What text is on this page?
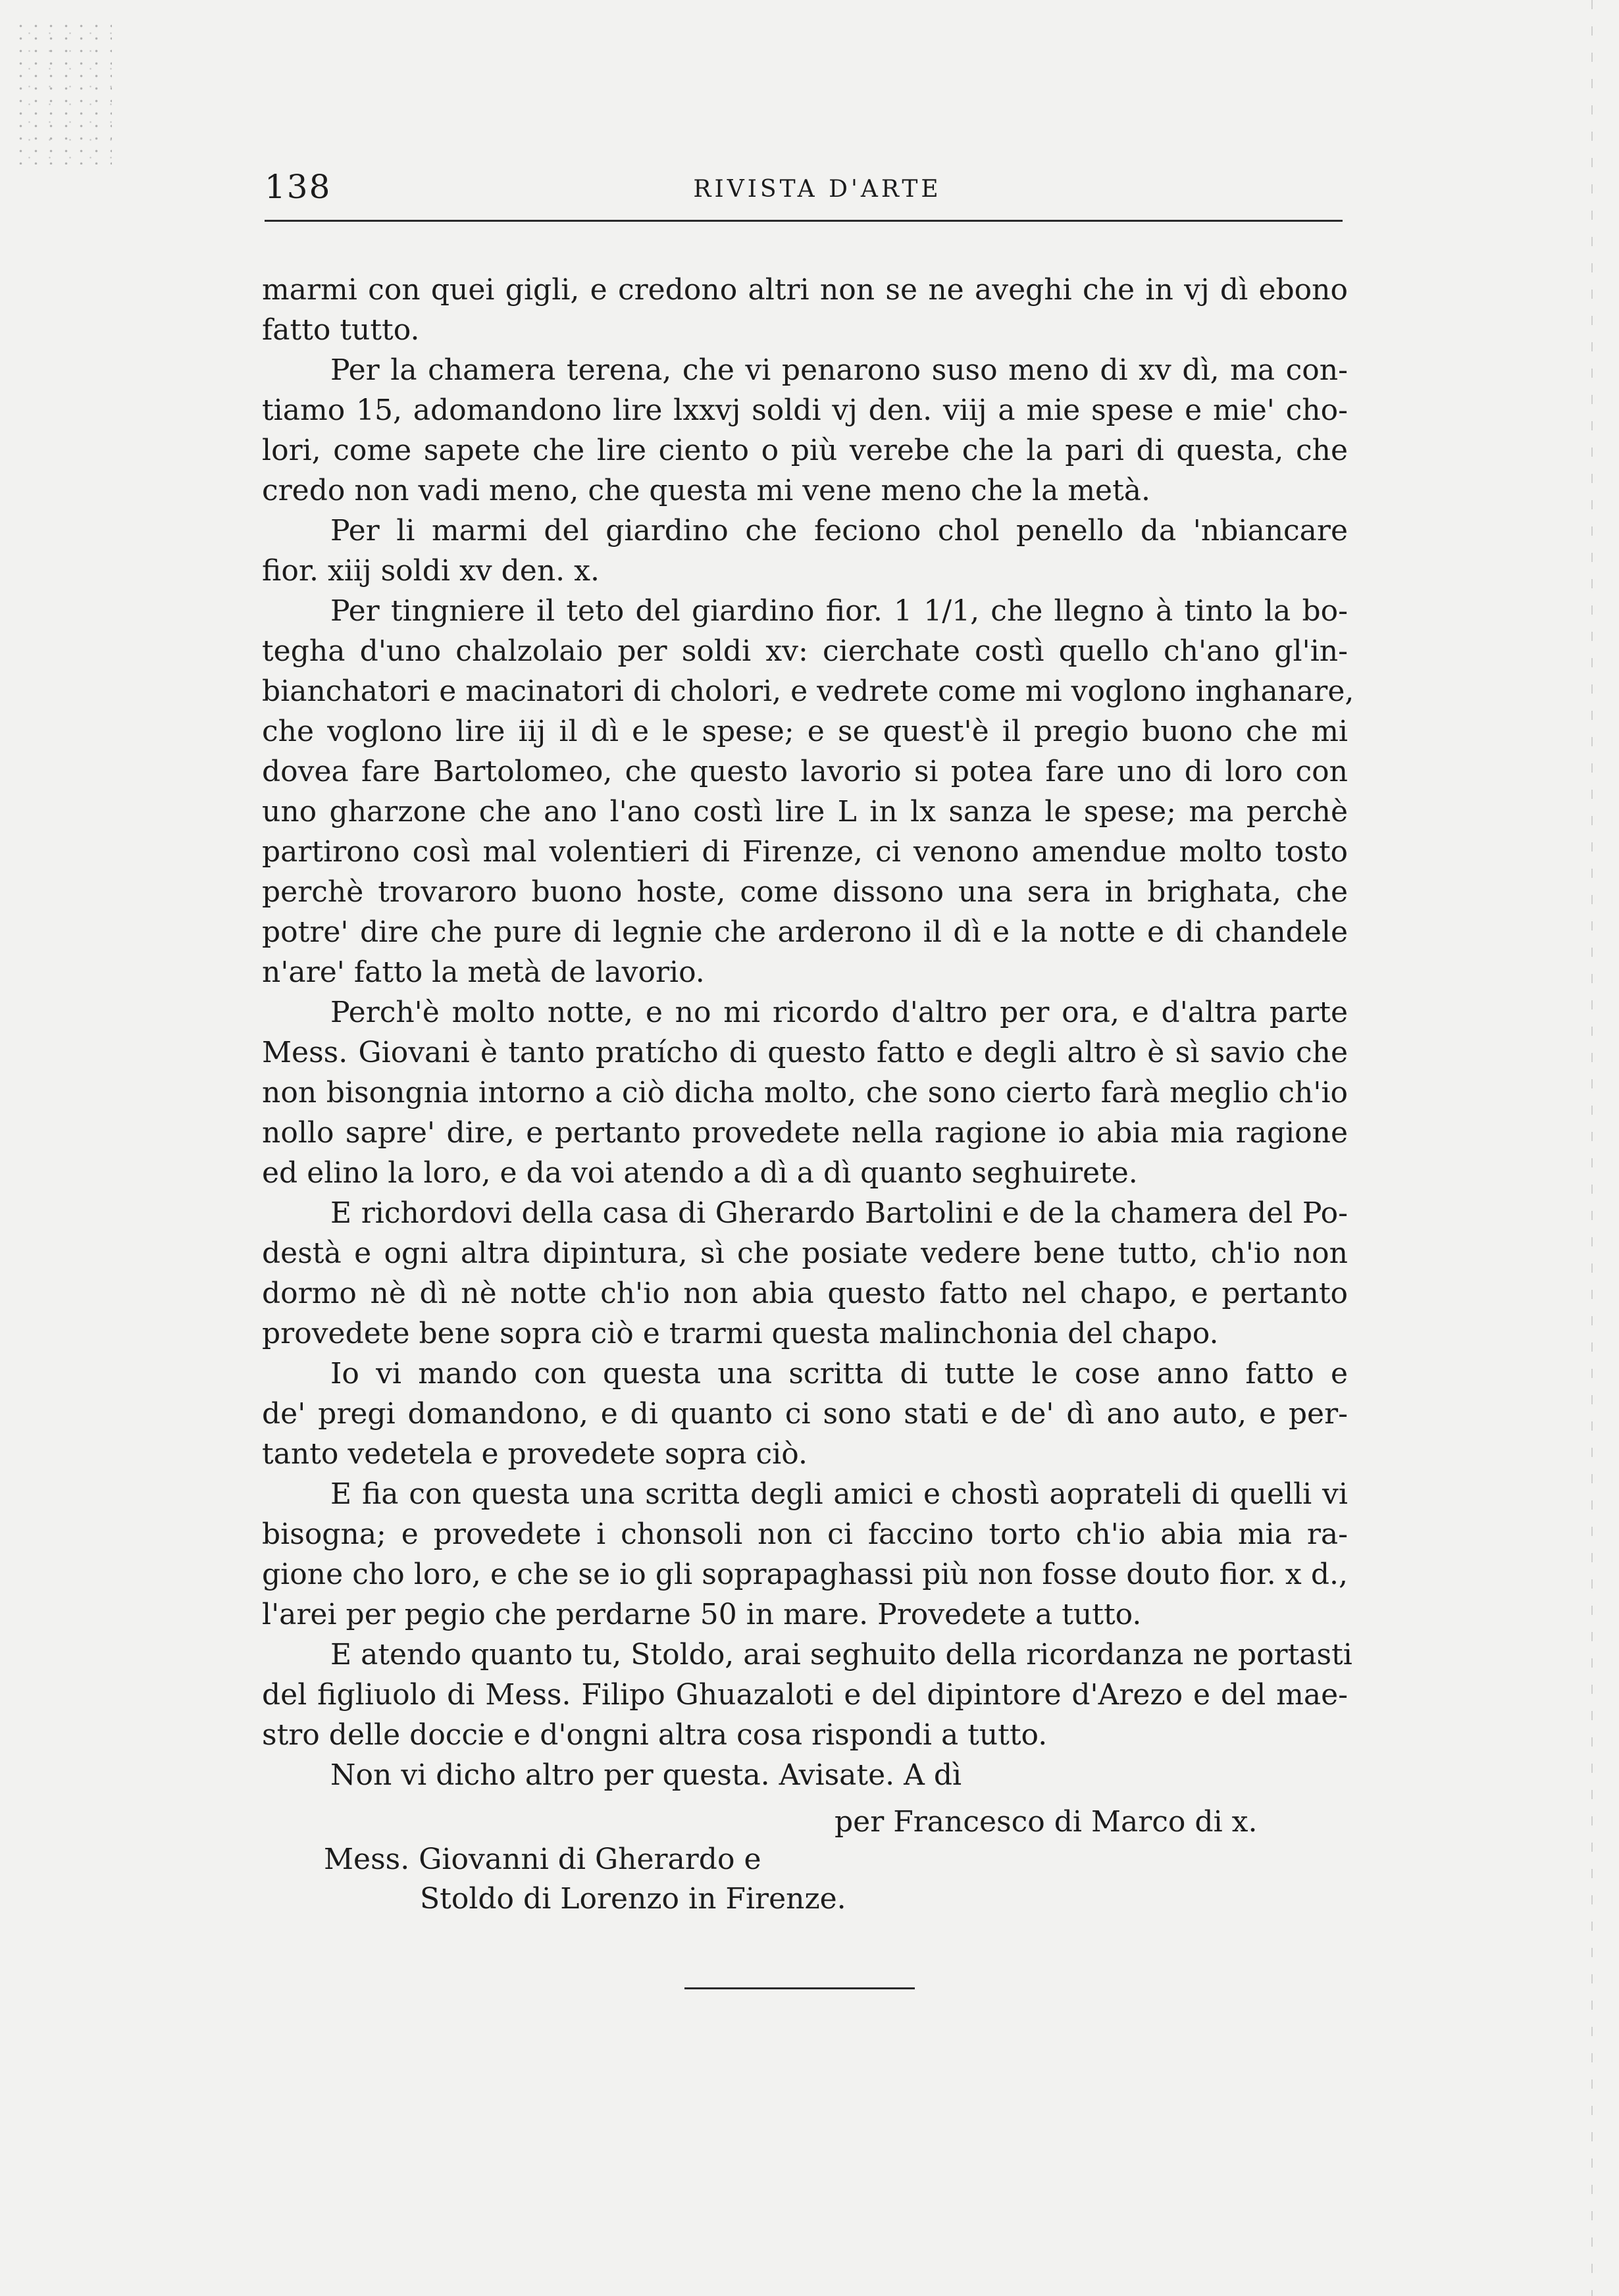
138	RIVISTA D'ARTE
marmi con quei gigli, e credono altri non se ne aveghi che in vj dì ebono
fatto tutto.
Per la chamera terena, che vi penarono suso meno di xv dì, ma con-
tiamo 15, adomandono lire lxxvj soldi vj den. viij a mie spese e mie' cho-
lori, come sapete che lire ciento o più verebe che la pari di questa, che
credo non vadi meno, che questa mi vene meno che la metà.
Per li marmi del giardino che feciono chol penello da 'nbiancare
fior. xiij soldi xv den. x.
Per tingniere il teto del giardino fior. 1 1/1, che llegno à tinto la bo-
tegha d'uno chalzolaio per soldi xv: cierchate costì quello ch'ano gl'in-
bianchatori e macinatori di cholori, e vedrete come mi voglono inghanare,
che voglono lire iij il dì e le spese; e se quest'è il pregio buono che mi
dovea fare Bartolomeo, che questo lavorio si potea fare uno di loro con
uno gharzone che ano l'ano costì lire L in lx sanza le spese; ma perchè
partirono così mal volentieri di Firenze, ci venono amendue molto tosto
perchè trovaroro buono hoste, come dissono una sera in brighata, che
potre' dire che pure di legnie che arderono il dì e la notte e di chandele
n'are' fatto la metà de lavorio.
Perch'è molto notte, e no mi ricordo d'altro per ora, e d'altra parte
Mess. Giovani è tanto pratícho di questo fatto e degli altro è sì savio che
non bisongnia intorno a ciò dicha molto, che sono cierto farà meglio ch'io
nollo sapre' dire, e pertanto provedete nella ragione io abia mia ragione
ed elino la loro, e da voi atendo a dì a dì quanto seghuirete.
E richordovi della casa di Gherardo Bartolini e de la chamera del Po-
destà e ogni altra dipintura, sì che posiate vedere bene tutto, ch'io non
dormo nè dì nè notte ch'io non abia questo fatto nel chapo, e pertanto
provedete bene sopra ciò e trarmi questa malinchonia del chapo.
Io vi mando con questa una scritta di tutte le cose anno fatto e
de' pregi domandono, e di quanto ci sono stati e de' dì ano auto, e per-
tanto vedetela e provedete sopra ciò.
E fia con questa una scritta degli amici e chostì aoprateli di quelli vi
bisogna; e provedete i chonsoli non ci faccino torto ch'io abia mia ra-
gione cho loro, e che se io gli soprapaghassi più non fosse douto fior. x d.,
l'arei per pegio che perdarne 50 in mare. Provedete a tutto.
E atendo quanto tu, Stoldo, arai seghuito della ricordanza ne portasti
del figliuolo di Mess. Filipo Ghuazaloti e del dipintore d'Arezo e del mae-
stro delle doccie e d'ongni altra cosa rispondi a tutto.
Non vi dicho altro per questa. Avisate. A dì
per Francesco di Marco di x.
Mess. Giovanni di Gherardo e
Stoldo di Lorenzo in Firenze.
